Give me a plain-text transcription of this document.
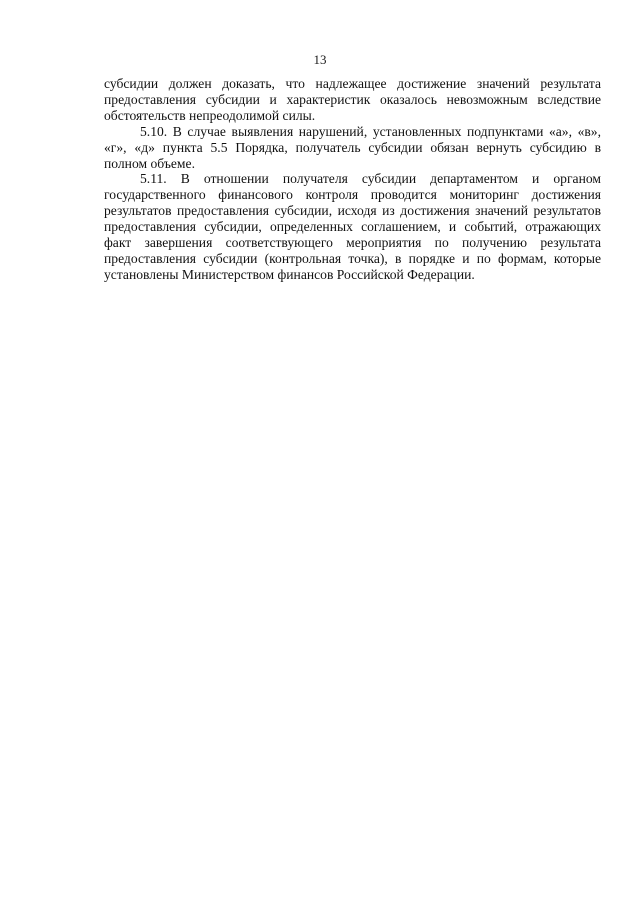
13

субсидии должен доказать, что надлежащее достижение значений результата предоставления субсидии и характеристик оказалось невозможным вследствие обстоятельств непреодолимой силы.

5.10. В случае выявления нарушений, установленных подпунктами «а», «в», «г», «д» пункта 5.5 Порядка, получатель субсидии обязан вернуть субсидию в полном объеме.

5.11. В отношении получателя субсидии департаментом и органом государственного финансового контроля проводится мониторинг достижения результатов предоставления субсидии, исходя из достижения значений результатов предоставления субсидии, определенных соглашением, и событий, отражающих факт завершения соответствующего мероприятия по получению результата предоставления субсидии (контрольная точка), в порядке и по формам, которые установлены Министерством финансов Российской Федерации.
